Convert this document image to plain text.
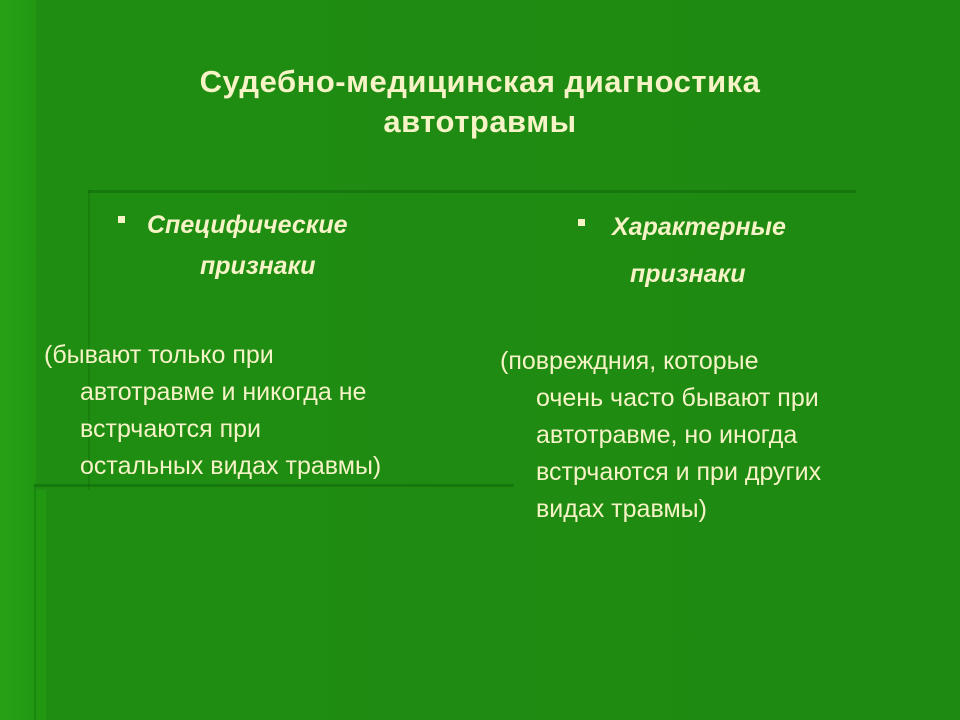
Судебно-медицинская диагностика
автотравмы
Специфические
признаки
(бывают только при
автотравме и никогда не
встрчаются при
остальных видах травмы)
Характерные
признаки
(повреждния, которые
очень часто бывают при
автотравме, но иногда
встрчаются и при других
видах травмы)
